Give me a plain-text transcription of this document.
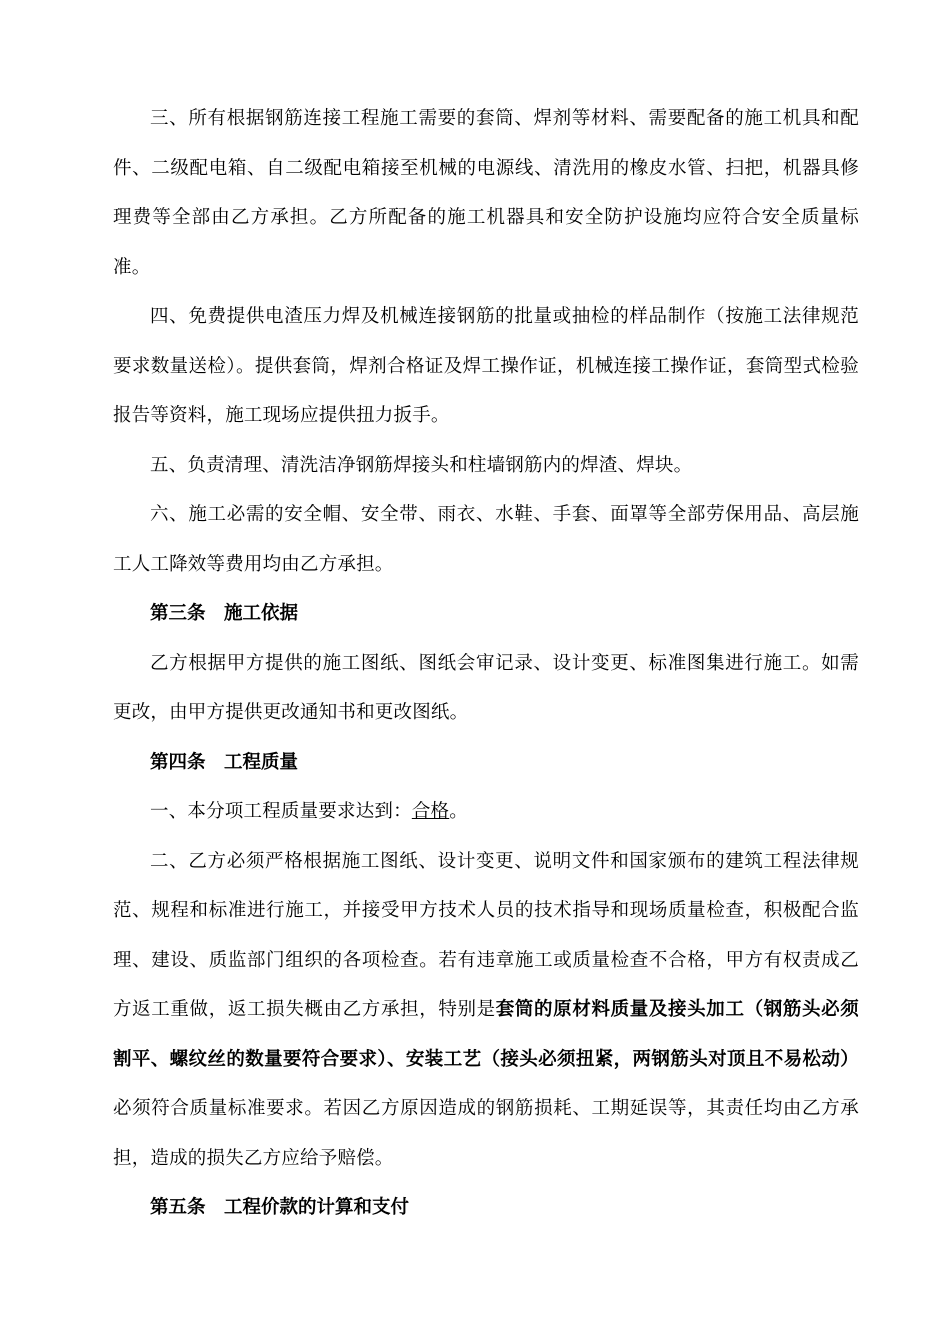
三、所有根据钢筋连接工程施工需要的套筒、焊剂等材料、需要配备的施工机具和配件、二级配电箱、自二级配电箱接至机械的电源线、清洗用的橡皮水管、扫把，机器具修理费等全部由乙方承担。乙方所配备的施工机器具和安全防护设施均应符合安全质量标准。

四、免费提供电渣压力焊及机械连接钢筋的批量或抽检的样品制作（按施工法律规范要求数量送检）。提供套筒，焊剂合格证及焊工操作证，机械连接工操作证，套筒型式检验报告等资料，施工现场应提供扭力扳手。

五、负责清理、清洗洁净钢筋焊接头和柱墙钢筋内的焊渣、焊块。

六、施工必需的安全帽、安全带、雨衣、水鞋、手套、面罩等全部劳保用品、高层施工人工降效等费用均由乙方承担。

第三条　施工依据

乙方根据甲方提供的施工图纸、图纸会审记录、设计变更、标准图集进行施工。如需更改，由甲方提供更改通知书和更改图纸。

第四条　工程质量

一、本分项工程质量要求达到：合格。

二、乙方必须严格根据施工图纸、设计变更、说明文件和国家颁布的建筑工程法律规范、规程和标准进行施工，并接受甲方技术人员的技术指导和现场质量检查，积极配合监理、建设、质监部门组织的各项检查。若有违章施工或质量检查不合格，甲方有权责成乙方返工重做，返工损失概由乙方承担，特别是套筒的原材料质量及接头加工（钢筋头必须割平、螺纹丝的数量要符合要求）、安装工艺（接头必须扭紧，两钢筋头对顶且不易松动）必须符合质量标准要求。若因乙方原因造成的钢筋损耗、工期延误等，其责任均由乙方承担，造成的损失乙方应给予赔偿。

第五条　工程价款的计算和支付
